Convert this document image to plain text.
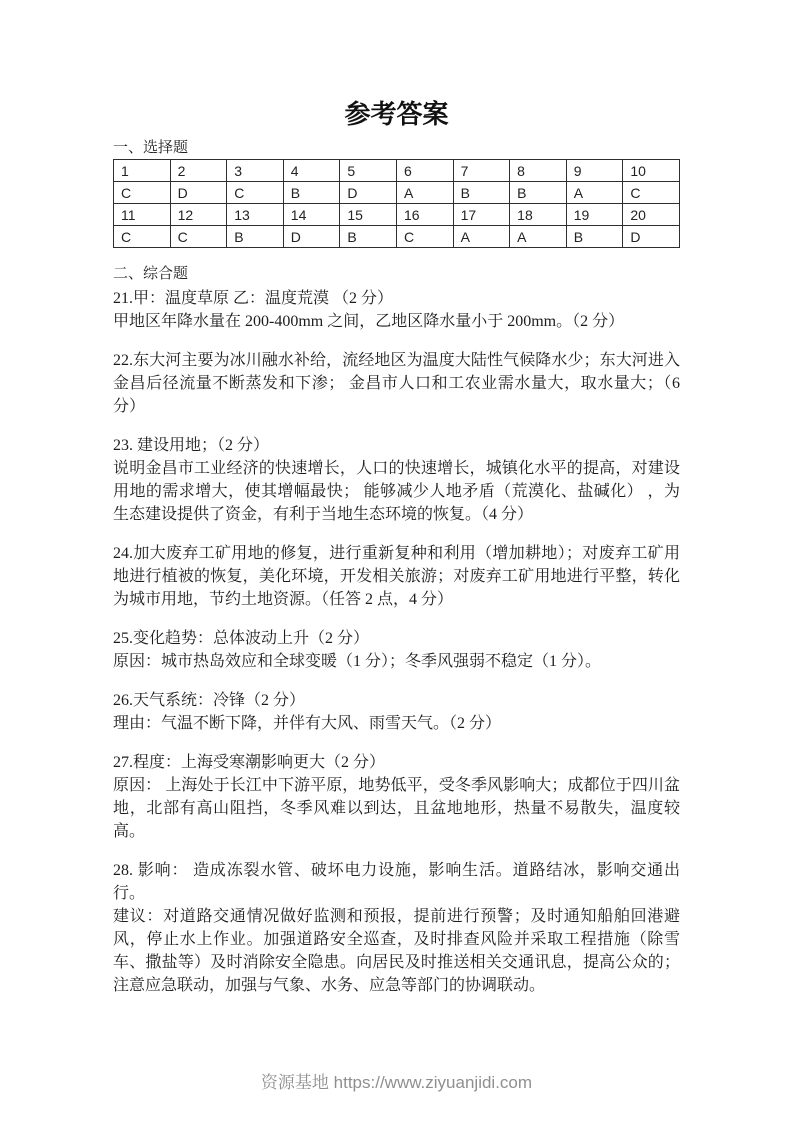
参考答案
一、选择题
1	2	3	4	5	6	7	8	9	10
C	D	C	B	D	A	B	B	A	C
11	12	13	14	15	16	17	18	19	20
C	C	B	D	B	C	A	A	B	D
二、综合题

21.甲：温度草原 乙：温度荒漠 （2 分）

甲地区年降水量在 200-400mm 之间，乙地区降水量小于 200mm。（2 分）

22.东大河主要为冰川融水补给，流经地区为温度大陆性气候降水少；东大河进入金昌后径流量不断蒸发和下渗； 金昌市人口和工农业需水量大，取水量大；（6 分）

23. 建设用地；（2 分）

说明金昌市工业经济的快速增长，人口的快速增长，城镇化水平的提高，对建设用地的需求增大，使其增幅最快； 能够减少人地矛盾（荒漠化、盐碱化） ，为生态建设提供了资金，有利于当地生态环境的恢复。（4 分）

24.加大废弃工矿用地的修复，进行重新复种和利用（增加耕地）；对废弃工矿用地进行植被的恢复，美化环境，开发相关旅游；对废弃工矿用地进行平整，转化为城市用地，节约土地资源。（任答 2 点，4 分）

25.变化趋势：总体波动上升（2 分）

原因：城市热岛效应和全球变暖（1 分）；冬季风强弱不稳定（1 分）。

26.天气系统：冷锋（2 分）

理由：气温不断下降，并伴有大风、雨雪天气。（2 分）

27.程度：上海受寒潮影响更大（2 分）

原因： 上海处于长江中下游平原，地势低平，受冬季风影响大；成都位于四川盆地，北部有高山阻挡，冬季风难以到达，且盆地地形，热量不易散失，温度较高。

28. 影响： 造成冻裂水管、破坏电力设施，影响生活。道路结冰，影响交通出行。

建议：对道路交通情况做好监测和预报，提前进行预警；及时通知船舶回港避风，停止水上作业。加强道路安全巡查，及时排查风险并采取工程措施（除雪车、撒盐等）及时消除安全隐患。向居民及时推送相关交通讯息，提高公众的；注意应急联动，加强与气象、水务、应急等部门的协调联动。

资源基地 https://www.ziyuanjidi.com
